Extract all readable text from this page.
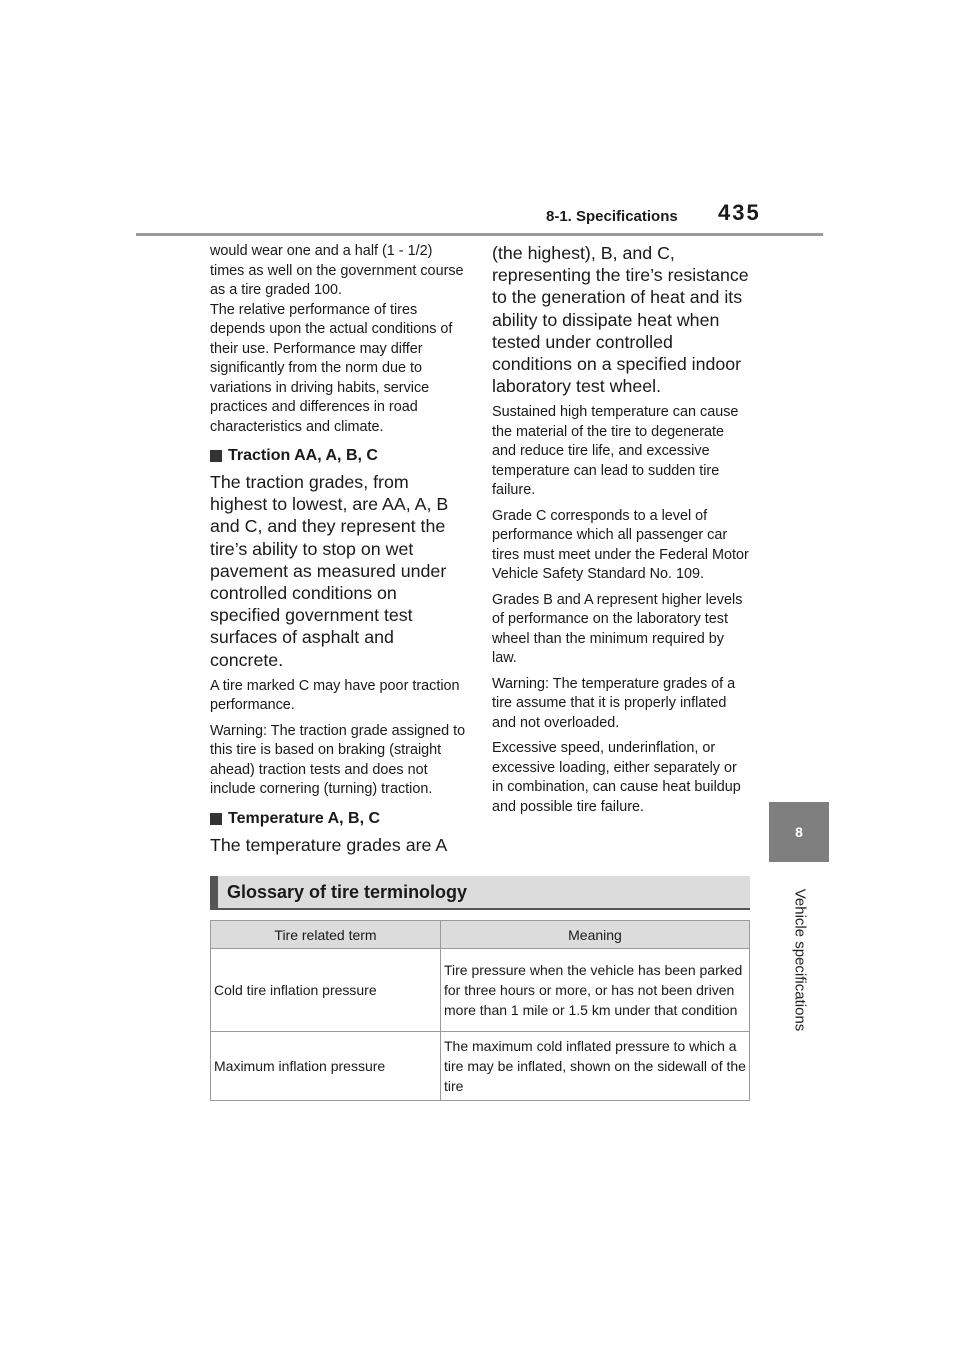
8-1. Specifications 435
8
Vehicle specifications

would wear one and a half (1 - 1/2) times as well on the government course as a tire graded 100.

The relative performance of tires depends upon the actual conditions of their use. Performance may differ significantly from the norm due to variations in driving habits, service practices and differences in road characteristics and climate.

Traction AA, A, B, C

The traction grades, from highest to lowest, are AA, A, B and C, and they represent the tire’s ability to stop on wet pavement as measured under controlled conditions on specified government test surfaces of asphalt and concrete.

A tire marked C may have poor traction performance.

Warning: The traction grade assigned to this tire is based on braking (straight ahead) traction tests and does not include cornering (turning) traction.

Temperature A, B, C

The temperature grades are A

(the highest), B, and C, representing the tire’s resistance to the generation of heat and its ability to dissipate heat when tested under controlled conditions on a specified indoor laboratory test wheel.

Sustained high temperature can cause the material of the tire to degenerate and reduce tire life, and excessive temperature can lead to sudden tire failure.

Grade C corresponds to a level of performance which all passenger car tires must meet under the Federal Motor Vehicle Safety Standard No. 109.

Grades B and A represent higher levels of performance on the laboratory test wheel than the minimum required by law.

Warning: The temperature grades of a tire assume that it is properly inflated and not overloaded.

Excessive speed, underinflation, or excessive loading, either separately or in combination, can cause heat buildup and possible tire failure.

Glossary of tire terminology
Tire related term	Meaning
Cold tire inflation pressure	Tire pressure when the vehicle has been parked for three hours or more, or has not been driven more than 1 mile or 1.5 km under that condition
Maximum inflation pressure	The maximum cold inflated pressure to which a tire may be inflated, shown on the sidewall of the tire
